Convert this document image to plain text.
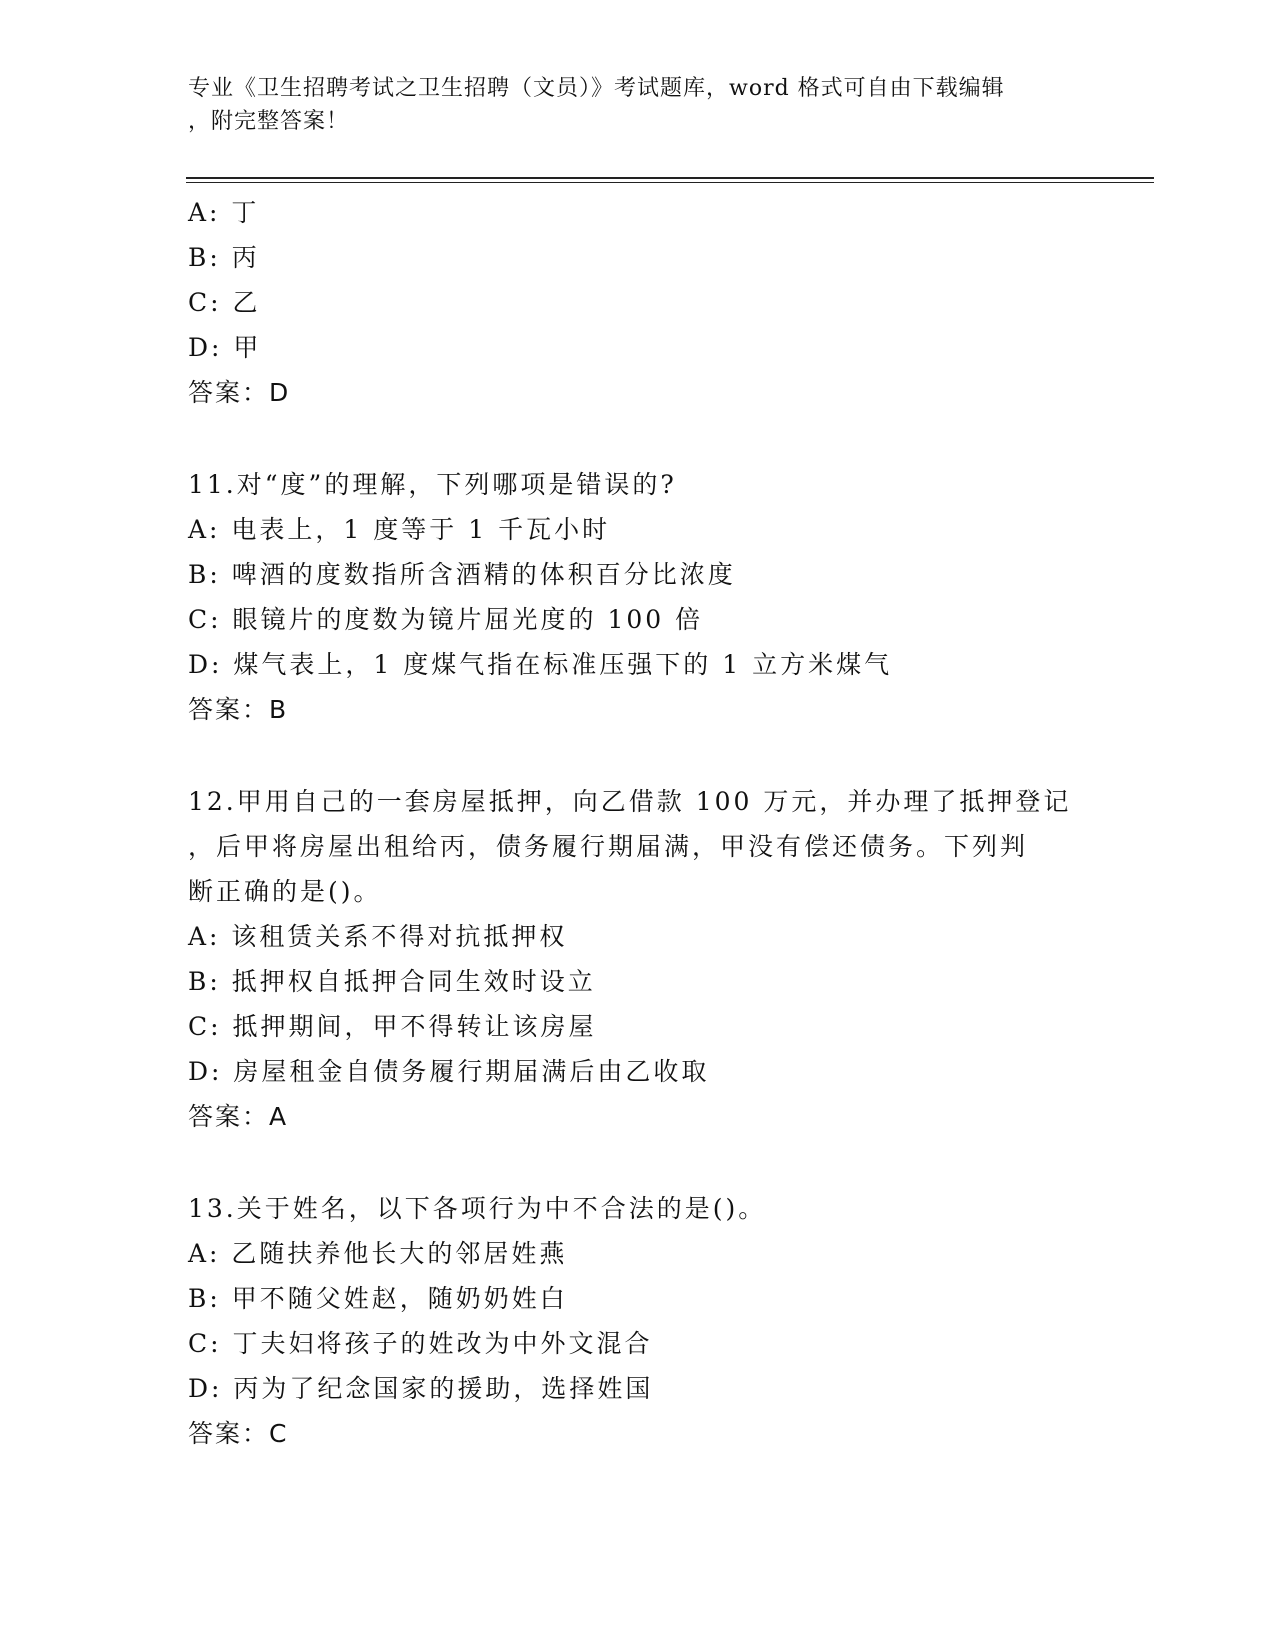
专业《卫生招聘考试之卫生招聘（文员）》考试题库，word 格式可自由下载编辑
，附完整答案！
A: 丁
B: 丙
C: 乙
D: 甲
答案：D
11.对“度”的理解，下列哪项是错误的?
A: 电表上，1 度等于 1 千瓦小时
B: 啤酒的度数指所含酒精的体积百分比浓度
C: 眼镜片的度数为镜片屈光度的 100 倍
D: 煤气表上，1 度煤气指在标准压强下的 1 立方米煤气
答案：B
12.甲用自己的一套房屋抵押，向乙借款 100 万元，并办理了抵押登记
，后甲将房屋出租给丙，债务履行期届满，甲没有偿还债务。下列判
断正确的是()。
A: 该租赁关系不得对抗抵押权
B: 抵押权自抵押合同生效时设立
C: 抵押期间，甲不得转让该房屋
D: 房屋租金自债务履行期届满后由乙收取
答案：A
13.关于姓名，以下各项行为中不合法的是()。
A: 乙随扶养他长大的邻居姓燕
B: 甲不随父姓赵，随奶奶姓白
C: 丁夫妇将孩子的姓改为中外文混合
D: 丙为了纪念国家的援助，选择姓国
答案：C
